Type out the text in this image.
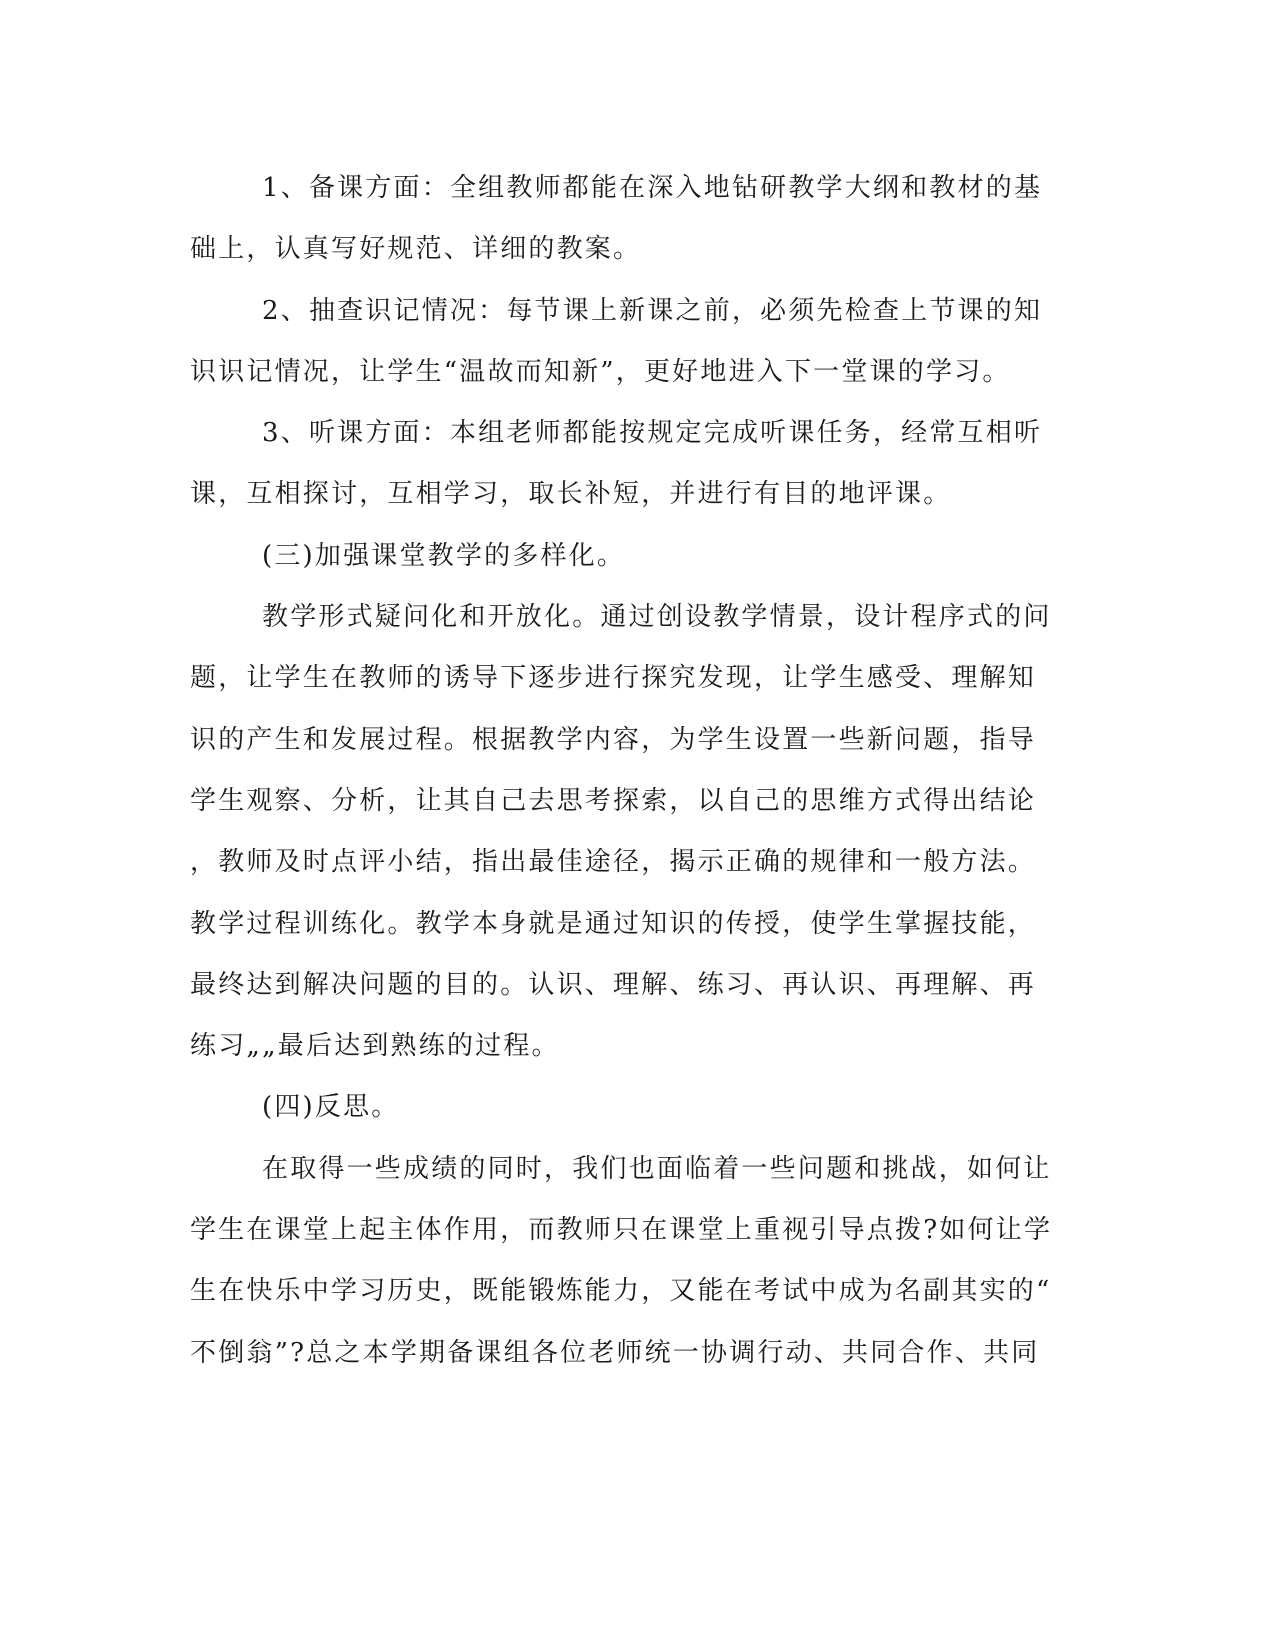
1、备课方面：全组教师都能在深入地钻研教学大纲和教材的基
础上，认真写好规范、详细的教案。
2、抽查识记情况：每节课上新课之前，必须先检查上节课的知
识识记情况，让学生“温故而知新”，更好地进入下一堂课的学习。
3、听课方面：本组老师都能按规定完成听课任务，经常互相听
课，互相探讨，互相学习，取长补短，并进行有目的地评课。
(三)加强课堂教学的多样化。
教学形式疑问化和开放化。通过创设教学情景，设计程序式的问
题，让学生在教师的诱导下逐步进行探究发现，让学生感受、理解知
识的产生和发展过程。根据教学内容，为学生设置一些新问题，指导
学生观察、分析，让其自己去思考探索，以自己的思维方式得出结论
，教师及时点评小结，指出最佳途径，揭示正确的规律和一般方法。
教学过程训练化。教学本身就是通过知识的传授，使学生掌握技能，
最终达到解决问题的目的。认识、理解、练习、再认识、再理解、再
练习„„最后达到熟练的过程。
(四)反思。
在取得一些成绩的同时，我们也面临着一些问题和挑战，如何让
学生在课堂上起主体作用，而教师只在课堂上重视引导点拨?如何让学
生在快乐中学习历史，既能锻炼能力，又能在考试中成为名副其实的“
不倒翁”?总之本学期备课组各位老师统一协调行动、共同合作、共同
